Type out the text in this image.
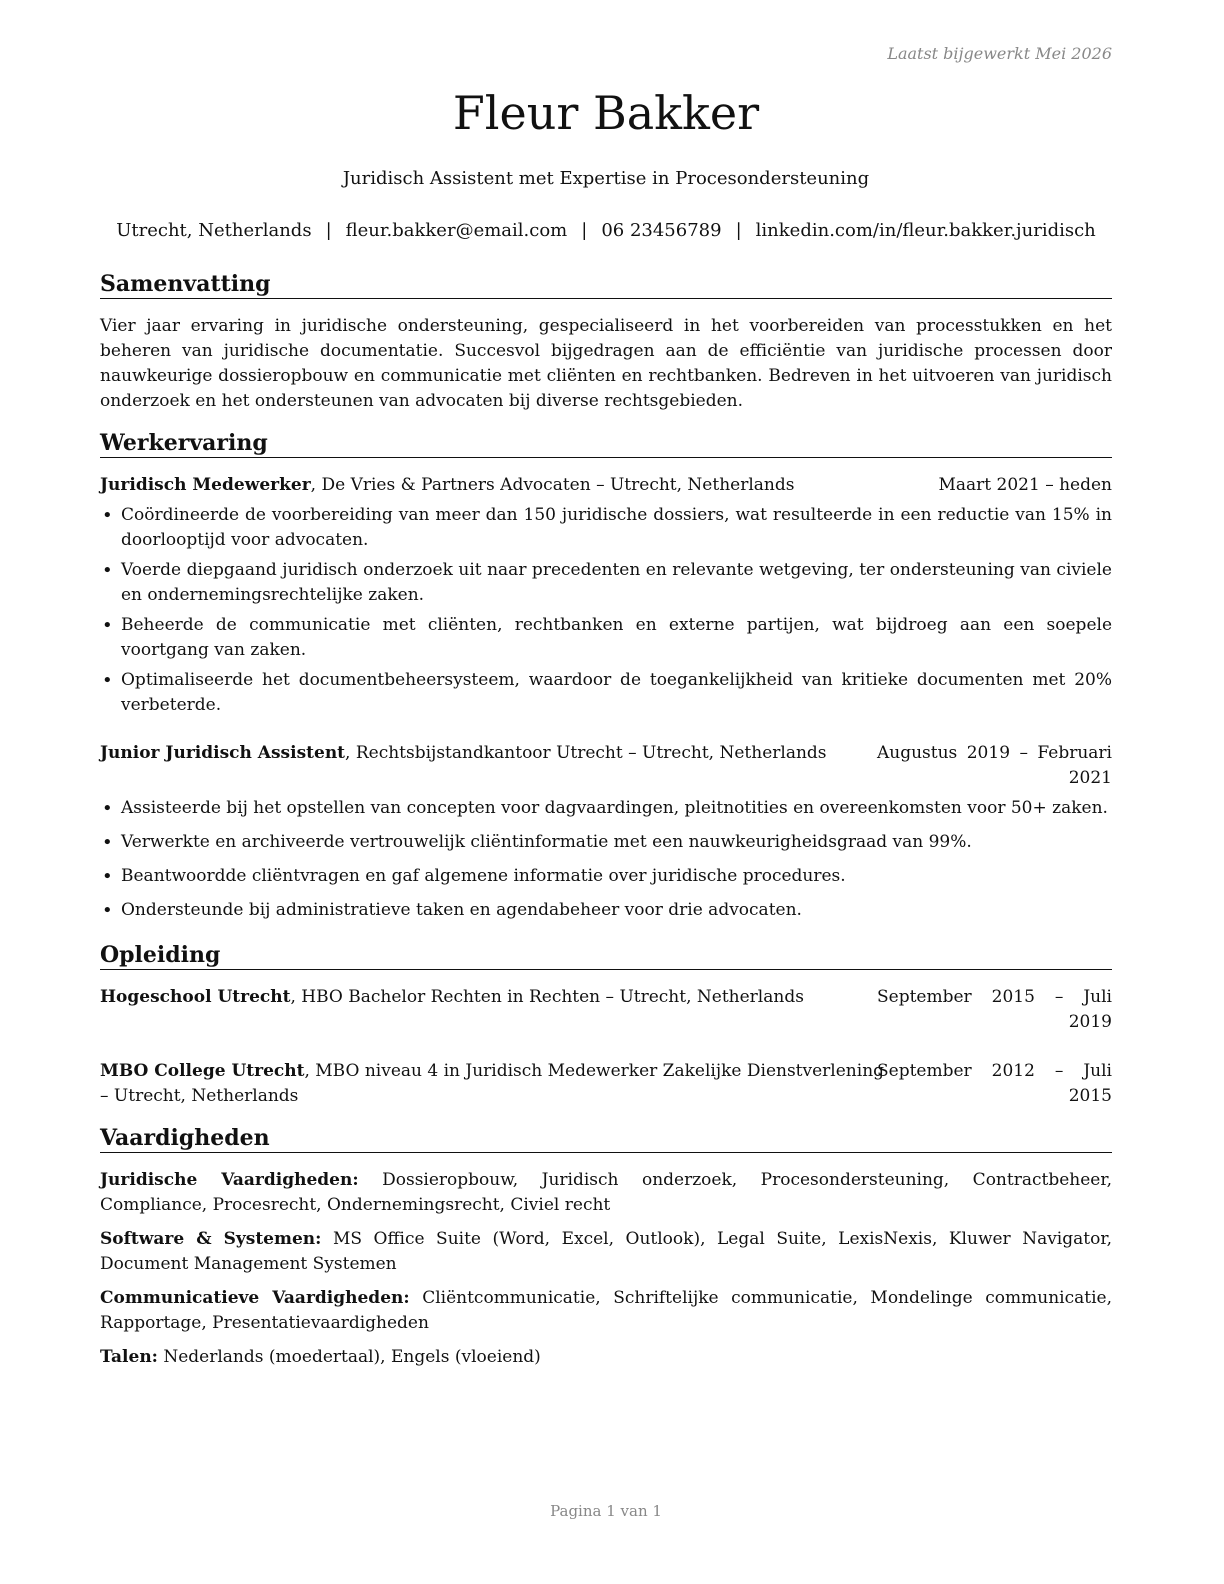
Laatst bijgewerkt Mei 2026
Fleur Bakker
Juridisch Assistent met Expertise in Procesondersteuning
Utrecht, Netherlands | fleur.bakker@email.com | 06 23456789 | linkedin.com/in/fleur.bakker.juridisch
Samenvatting
Vier jaar ervaring in juridische ondersteuning, gespecialiseerd in het voorbereiden van processtukken en het beheren van juridische documentatie. Succesvol bijgedragen aan de efficiëntie van juridische processen door nauwkeurige dossieropbouw en communicatie met cliënten en rechtbanken. Bedreven in het uitvoeren van juridisch onderzoek en het ondersteunen van advocaten bij diverse rechtsgebieden.
Werkervaring
Juridisch Medewerker, De Vries & Partners Advocaten – Utrecht, Netherlands	Maart 2021 – heden
• Coördineerde de voorbereiding van meer dan 150 juridische dossiers, wat resulteerde in een reductie van 15% in doorlooptijd voor advocaten.
• Voerde diepgaand juridisch onderzoek uit naar precedenten en relevante wetgeving, ter ondersteuning van civiele en ondernemingsrechtelijke zaken.
• Beheerde de communicatie met cliënten, rechtbanken en externe partijen, wat bijdroeg aan een soepele voortgang van zaken.
• Optimaliseerde het documentbeheersysteem, waardoor de toegankelijkheid van kritieke documenten met 20% verbeterde.
Junior Juridisch Assistent, Rechtsbijstandkantoor Utrecht – Utrecht, Netherlands	Augustus 2019 – Februari 2021
• Assisteerde bij het opstellen van concepten voor dagvaardingen, pleitnotities en overeenkomsten voor 50+ zaken.
• Verwerkte en archiveerde vertrouwelijk cliëntinformatie met een nauwkeurigheidsgraad van 99%.
• Beantwoordde cliëntvragen en gaf algemene informatie over juridische procedures.
• Ondersteunde bij administratieve taken en agendabeheer voor drie advocaten.
Opleiding
Hogeschool Utrecht, HBO Bachelor Rechten in Rechten – Utrecht, Netherlands	September 2015 – Juli 2019
MBO College Utrecht, MBO niveau 4 in Juridisch Medewerker Zakelijke Dienstverlening – Utrecht, Netherlands
September 2012 – Juli 2015
Vaardigheden
Juridische Vaardigheden: Dossieropbouw, Juridisch onderzoek, Procesondersteuning, Contractbeheer, Compliance, Procesrecht, Ondernemingsrecht, Civiel recht
Software & Systemen: MS Office Suite (Word, Excel, Outlook), Legal Suite, LexisNexis, Kluwer Navigator, Document Management Systemen
Communicatieve Vaardigheden: Cliëntcommunicatie, Schriftelijke communicatie, Mondelinge communicatie, Rapportage, Presentatievaardigheden
Talen: Nederlands (moedertaal), Engels (vloeiend)
Pagina 1 van 1
